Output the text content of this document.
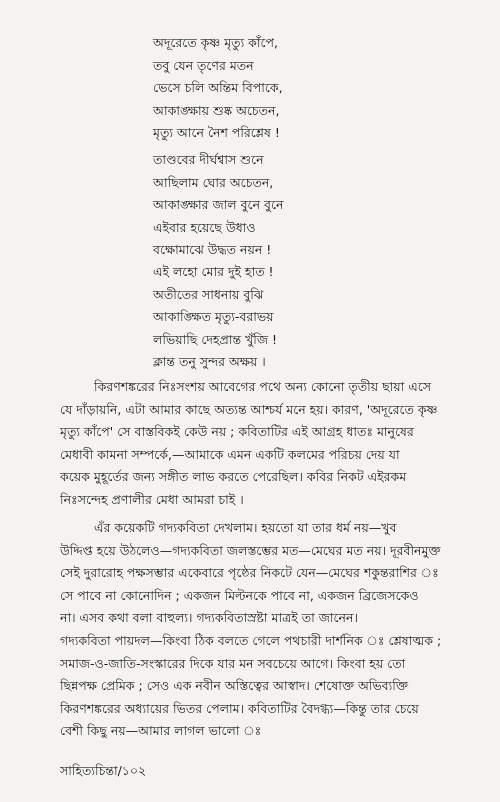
অদূরেতে কৃষ্ণ মৃত্যু কাঁপে,
তবু যেন তৃণের মতন
ভেসে চলি অন্তিম বিপাকে,
আকাঙ্ক্ষায় শুষ্ক অচেতন,
মৃত্যু আনে নৈশ পরিশ্লেষ !
তাণ্ডবের দীর্ঘশ্বাস শুনে
আছিলাম ঘোর অচেতন,
আকাঙ্ক্ষার জাল বুনে বুনে
এইবার হয়েছে উধাও
বক্ষোমাঝে উদ্ধত নয়ন !
এই লহো মোর দুই হাত !
অতীতের সাধনায় বুঝি
আকাঙ্ক্ষিত মৃত্যু-বরাভয়
লভিয়াছি দেহপ্রান্ত খুঁজি !
ক্লান্ত তনু সুন্দর অক্ষয় ।
কিরণশঙ্করের নিঃসংশয় আবেগের পথে অন্য কোনো তৃতীয় ছায়া এসে
যে দাঁড়ায়নি, এটা আমার কাছে অত্যন্ত আশ্চর্য মনে হয়। কারণ, 'অদূরেতে কৃষ্ণ
মৃত্যু কাঁপে' সে বাস্তবিকই কেউ নয় ; কবিতাটির এই আগ্রহ ধাতঃ মানুষের
মেধাবী কামনা সম্পর্কে,—আমাকে এমন একটি কলমের পরিচয় দেয় যা
কয়েক মুহূর্তের জন্য সঙ্গীত লাভ করতে পেরেছিল। কবির নিকট এইরকম
নিঃসন্দেহ প্রণালীর মেধা আমরা চাই ।
এঁর কয়েকটি গদ্যকবিতা দেখলাম। হয়তো যা তার ধর্ম নয়—খুব
উদ্দিপ্ত হয়ে উঠলেও—গদ্যকবিতা জলস্তম্ভের মত—মেঘের মত নয়। দূরবীনমুক্ত
সেই দুরারোহ পক্ষসম্ভার একেবারে পৃষ্ঠের নিকটে যেন—মেঘের শকুন্তরাশির ঃ
সে পাবে না কোনোদিন ; একজন মিল্টনকে পাবে না, একজন ব্রিজেসকেও
না। এসব কথা বলা বাহুল্য। গদ্যকবিতাস্রষ্টা মাত্রই তা জানেন।
গদ্যকবিতা পায়দল—কিংবা ঠিক বলতে গেলে পথচারী দার্শনিক ঃ শ্লেষাত্মক ;
সমাজ-ও-জাতি-সংস্কারের দিকে যার মন সবচেয়ে আগে। কিংবা হয় তো
ছিন্নপক্ষ প্রেমিক ; সেও এক নবীন অস্তিত্বের আস্বাদ। শেষোক্ত অভিব্যক্তি
কিরণশঙ্করের অধ্যায়ের ভিতর পেলাম। কবিতাটির বৈদগ্ধ্য—কিন্তু তার চেয়ে
বেশী কিছু নয়—আমার লাগল ভালো ঃ
সাহিত্যচিন্তা/১০২
